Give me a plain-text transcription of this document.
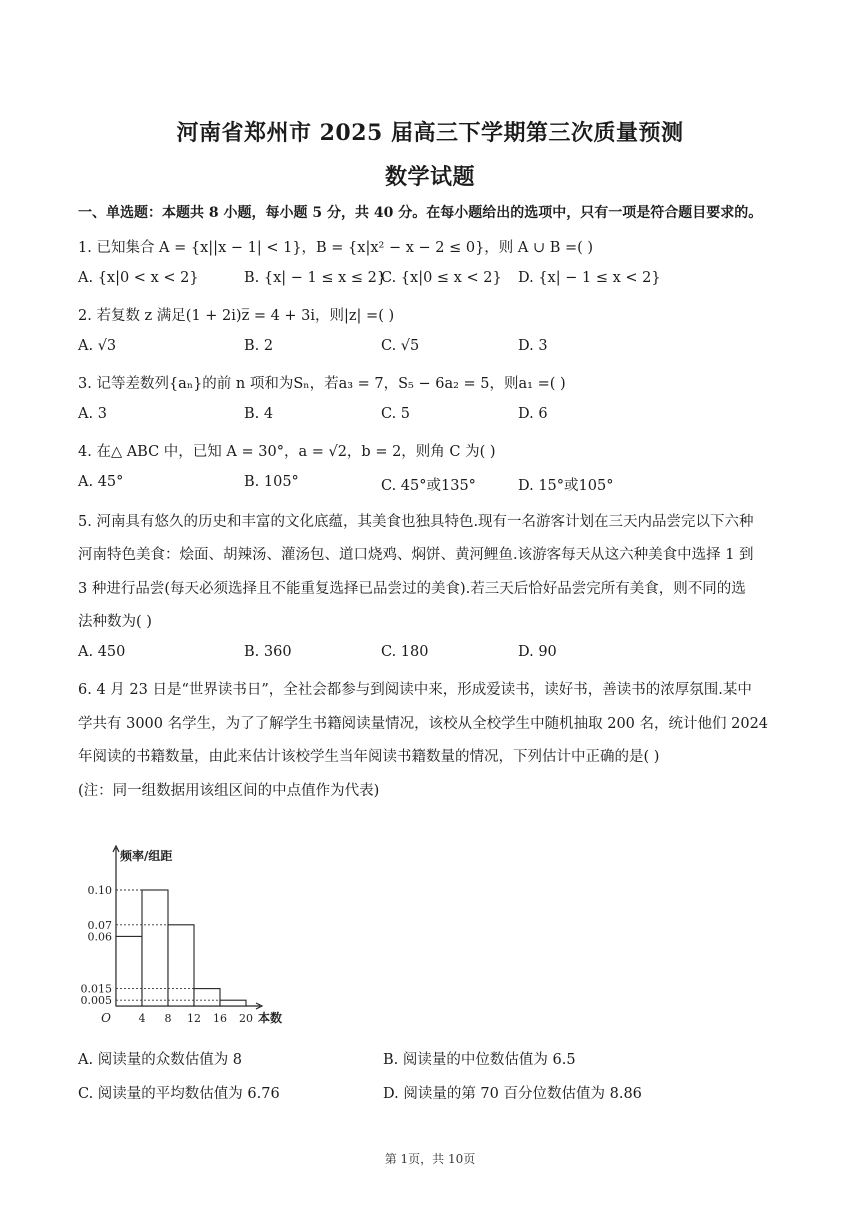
河南省郑州市 2025 届高三下学期第三次质量预测
数学试题
一、单选题：本题共 8 小题，每小题 5 分，共 40 分。在每小题给出的选项中，只有一项是符合题目要求的。
1. 已知集合 A = {x||x − 1| < 1}，B = {x|x² − x − 2 ≤ 0}，则 A ∪ B =( )
A. {x|0 < x < 2}	B. {x| − 1 ≤ x ≤ 2}
C. {x|0 ≤ x < 2} D. {x| − 1 ≤ x < 2}
2. 若复数 z 满足(1 + 2i)z̅ = 4 + 3i，则|z| =( )
A. √3	B. 2	C. √5	D. 3
3. 记等差数列{aₙ}的前 n 项和为Sₙ，若a₃ = 7，S₅ − 6a₂ = 5，则a₁ =( )
A. 3	B. 4	C. 5	D. 6
4. 在△ ABC 中，已知 A = 30°，a = √2，b = 2，则角 C 为( )
A. 45°	B. 105°	C. 45°或135°	D. 15°或105°
5. 河南具有悠久的历史和丰富的文化底蕴，其美食也独具特色.现有一名游客计划在三天内品尝完以下六种
河南特色美食：烩面、胡辣汤、灌汤包、道口烧鸡、焖饼、黄河鲤鱼.该游客每天从这六种美食中选择 1 到
3 种进行品尝(每天必须选择且不能重复选择已品尝过的美食).若三天后恰好品尝完所有美食，则不同的选
法种数为( )
A. 450	B. 360	C. 180	D. 90
6. 4 月 23 日是“世界读书日”，全社会都参与到阅读中来，形成爱读书，读好书，善读书的浓厚氛围.某中
学共有 3000 名学生，为了了解学生书籍阅读量情况，该校从全校学生中随机抽取 200 名，统计他们 2024
年阅读的书籍数量，由此来估计该校学生当年阅读书籍数量的情况，下列估计中正确的是( )
(注：同一组数据用该组区间的中点值作为代表)
0.10
0.07
0.06
0.015
0.005
4 8 12 16 20
O
频率/组距
本数
A. 阅读量的众数估值为 8	B. 阅读量的中位数估值为 6.5
C. 阅读量的平均数估值为 6.76	D. 阅读量的第 70 百分位数估值为 8.86
第 1页，共 10页
